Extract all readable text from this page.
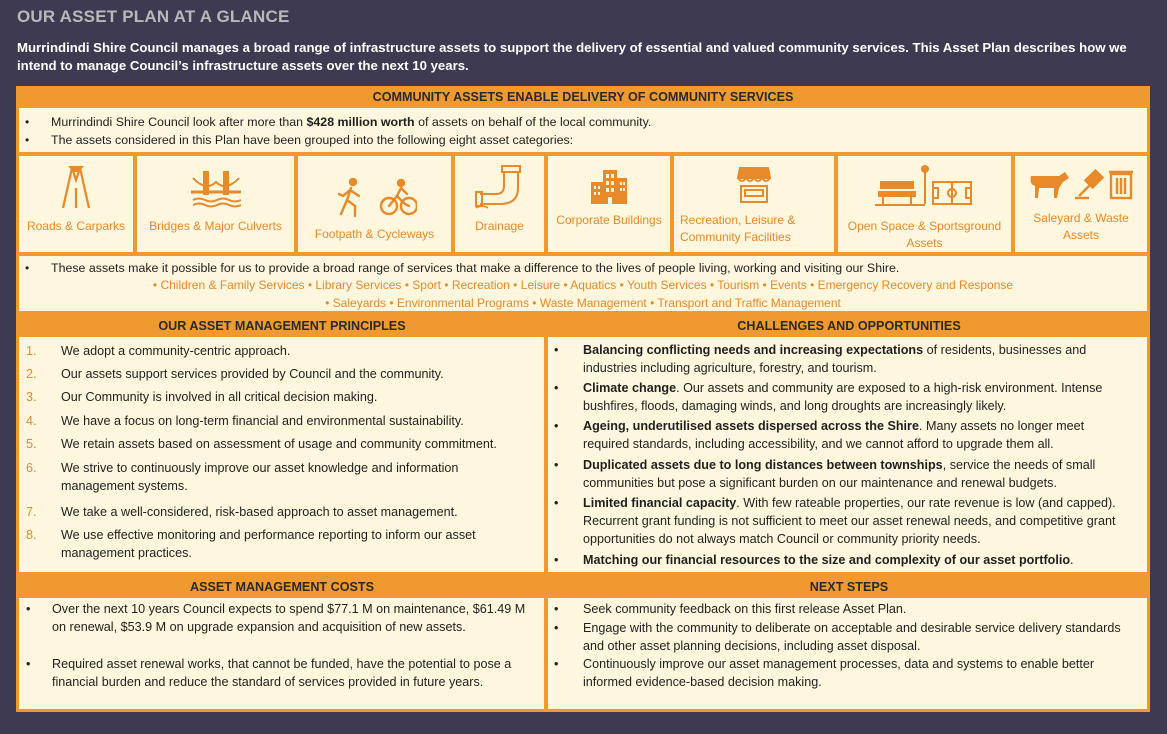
OUR ASSET PLAN AT A GLANCE
Murrindindi Shire Council manages a broad range of infrastructure assets to support the delivery of essential and valued community services. This Asset Plan describes how we intend to manage Council’s infrastructure assets over the next 10 years.
COMMUNITY ASSETS ENABLE DELIVERY OF COMMUNITY SERVICES
• Murrindindi Shire Council look after more than $428 million worth of assets on behalf of the local community.
• The assets considered in this Plan have been grouped into the following eight asset categories:
Roads & Carparks	Bridges & Major Culverts
Footpath & Cycleways
Drainage	Corporate Buildings	Recreation, Leisure & Community Facilities
Open Space & Sportsground Assets
Saleyard & Waste Assets
• These assets make it possible for us to provide a broad range of services that make a difference to the lives of people living, working and visiting our Shire.
• Children & Family Services • Library Services • Sport • Recreation • Leisure • Aquatics • Youth Services • Tourism • Events • Emergency Recovery and Response
• Saleyards • Environmental Programs • Waste Management • Transport and Traffic Management
OUR ASSET MANAGEMENT PRINCIPLES	CHALLENGES AND OPPORTUNITIES
1.	We adopt a community-centric approach.
2.	Our assets support services provided by Council and the community.
3.	Our Community is involved in all critical decision making.
4.	We have a focus on long-term financial and environmental sustainability.
5.	We retain assets based on assessment of usage and community commitment.
6.	We strive to continuously improve our asset knowledge and information management systems.
7.	We take a well-considered, risk-based approach to asset management.
8.	We use effective monitoring and performance reporting to inform our asset management practices.
• Balancing conflicting needs and increasing expectations of residents, businesses and industries including agriculture, forestry, and tourism.
• Climate change. Our assets and community are exposed to a high-risk environment. Intense bushfires, floods, damaging winds, and long droughts are increasingly likely.
• Ageing, underutilised assets dispersed across the Shire. Many assets no longer meet required standards, including accessibility, and we cannot afford to upgrade them all.
• Duplicated assets due to long distances between townships, service the needs of small communities but pose a significant burden on our maintenance and renewal budgets.
• Limited financial capacity. With few rateable properties, our rate revenue is low (and capped). Recurrent grant funding is not sufficient to meet our asset renewal needs, and competitive grant opportunities do not always match Council or community priority needs.
• Matching our financial resources to the size and complexity of our asset portfolio.
ASSET MANAGEMENT COSTS	NEXT STEPS
• Over the next 10 years Council expects to spend $77.1 M on maintenance, $61.49 M on renewal, $53.9 M on upgrade expansion and acquisition of new assets.
• Required asset renewal works, that cannot be funded, have the potential to pose a financial burden and reduce the standard of services provided in future years.
• Seek community feedback on this first release Asset Plan.
• Engage with the community to deliberate on acceptable and desirable service delivery standards and other asset planning decisions, including asset disposal.
• Continuously improve our asset management processes, data and systems to enable better informed evidence-based decision making.
